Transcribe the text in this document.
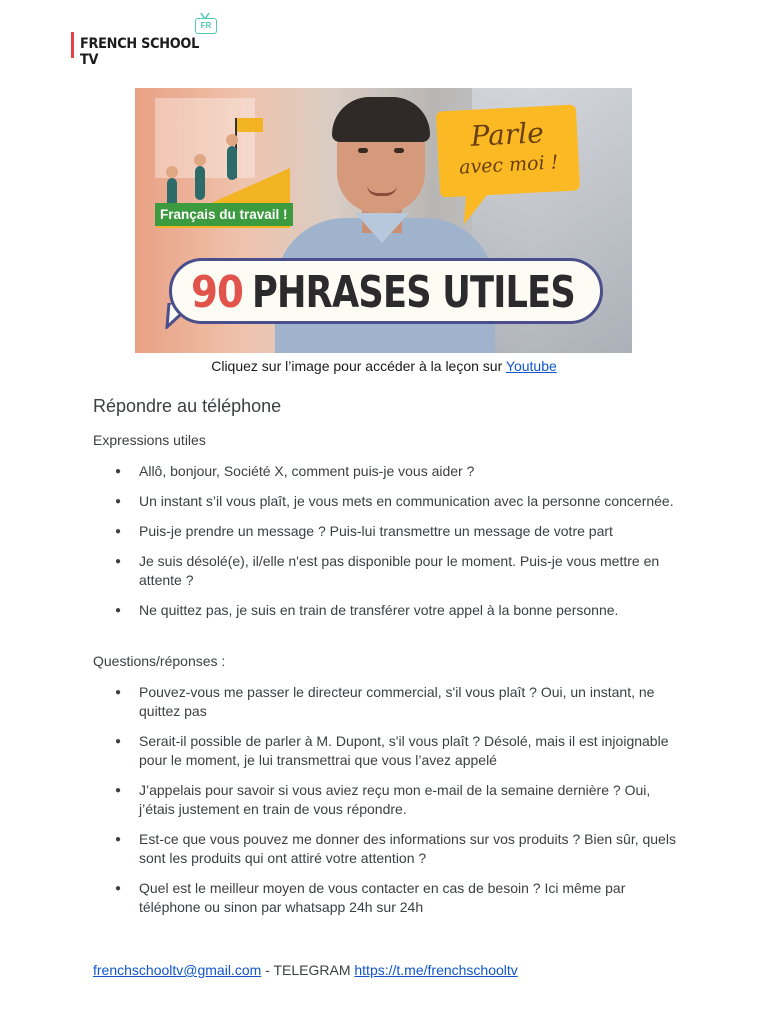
FRENCH SCHOOL TV
FR
Français du travail !
Parle
avec moi !
90 PHRASES UTILES
Cliquez sur l’image pour accéder à la leçon sur Youtube
Répondre au téléphone
Expressions utiles
● Allô, bonjour, Société X, comment puis-je vous aider ?
● Un instant s’il vous plaît, je vous mets en communication avec la personne concernée.
● Puis-je prendre un message ? Puis-lui transmettre un message de votre part
● Je suis désolé(e), il/elle n'est pas disponible pour le moment. Puis-je vous mettre en attente ?
● Ne quittez pas, je suis en train de transférer votre appel à la bonne personne.
Questions/réponses :
● Pouvez-vous me passer le directeur commercial, s'il vous plaît ? Oui, un instant, ne quittez pas
● Serait-il possible de parler à M. Dupont, s'il vous plaît ? Désolé, mais il est injoignable pour le moment, je lui transmettrai que vous l’avez appelé
● J’appelais pour savoir si vous aviez reçu mon e-mail de la semaine dernière ? Oui, j’étais justement en train de vous répondre.
● Est-ce que vous pouvez me donner des informations sur vos produits ? Bien sûr, quels sont les produits qui ont attiré votre attention ?
● Quel est le meilleur moyen de vous contacter en cas de besoin ? Ici même par téléphone ou sinon par whatsapp 24h sur 24h
frenchschooltv@gmail.com - TELEGRAM https://t.me/frenchschooltv
